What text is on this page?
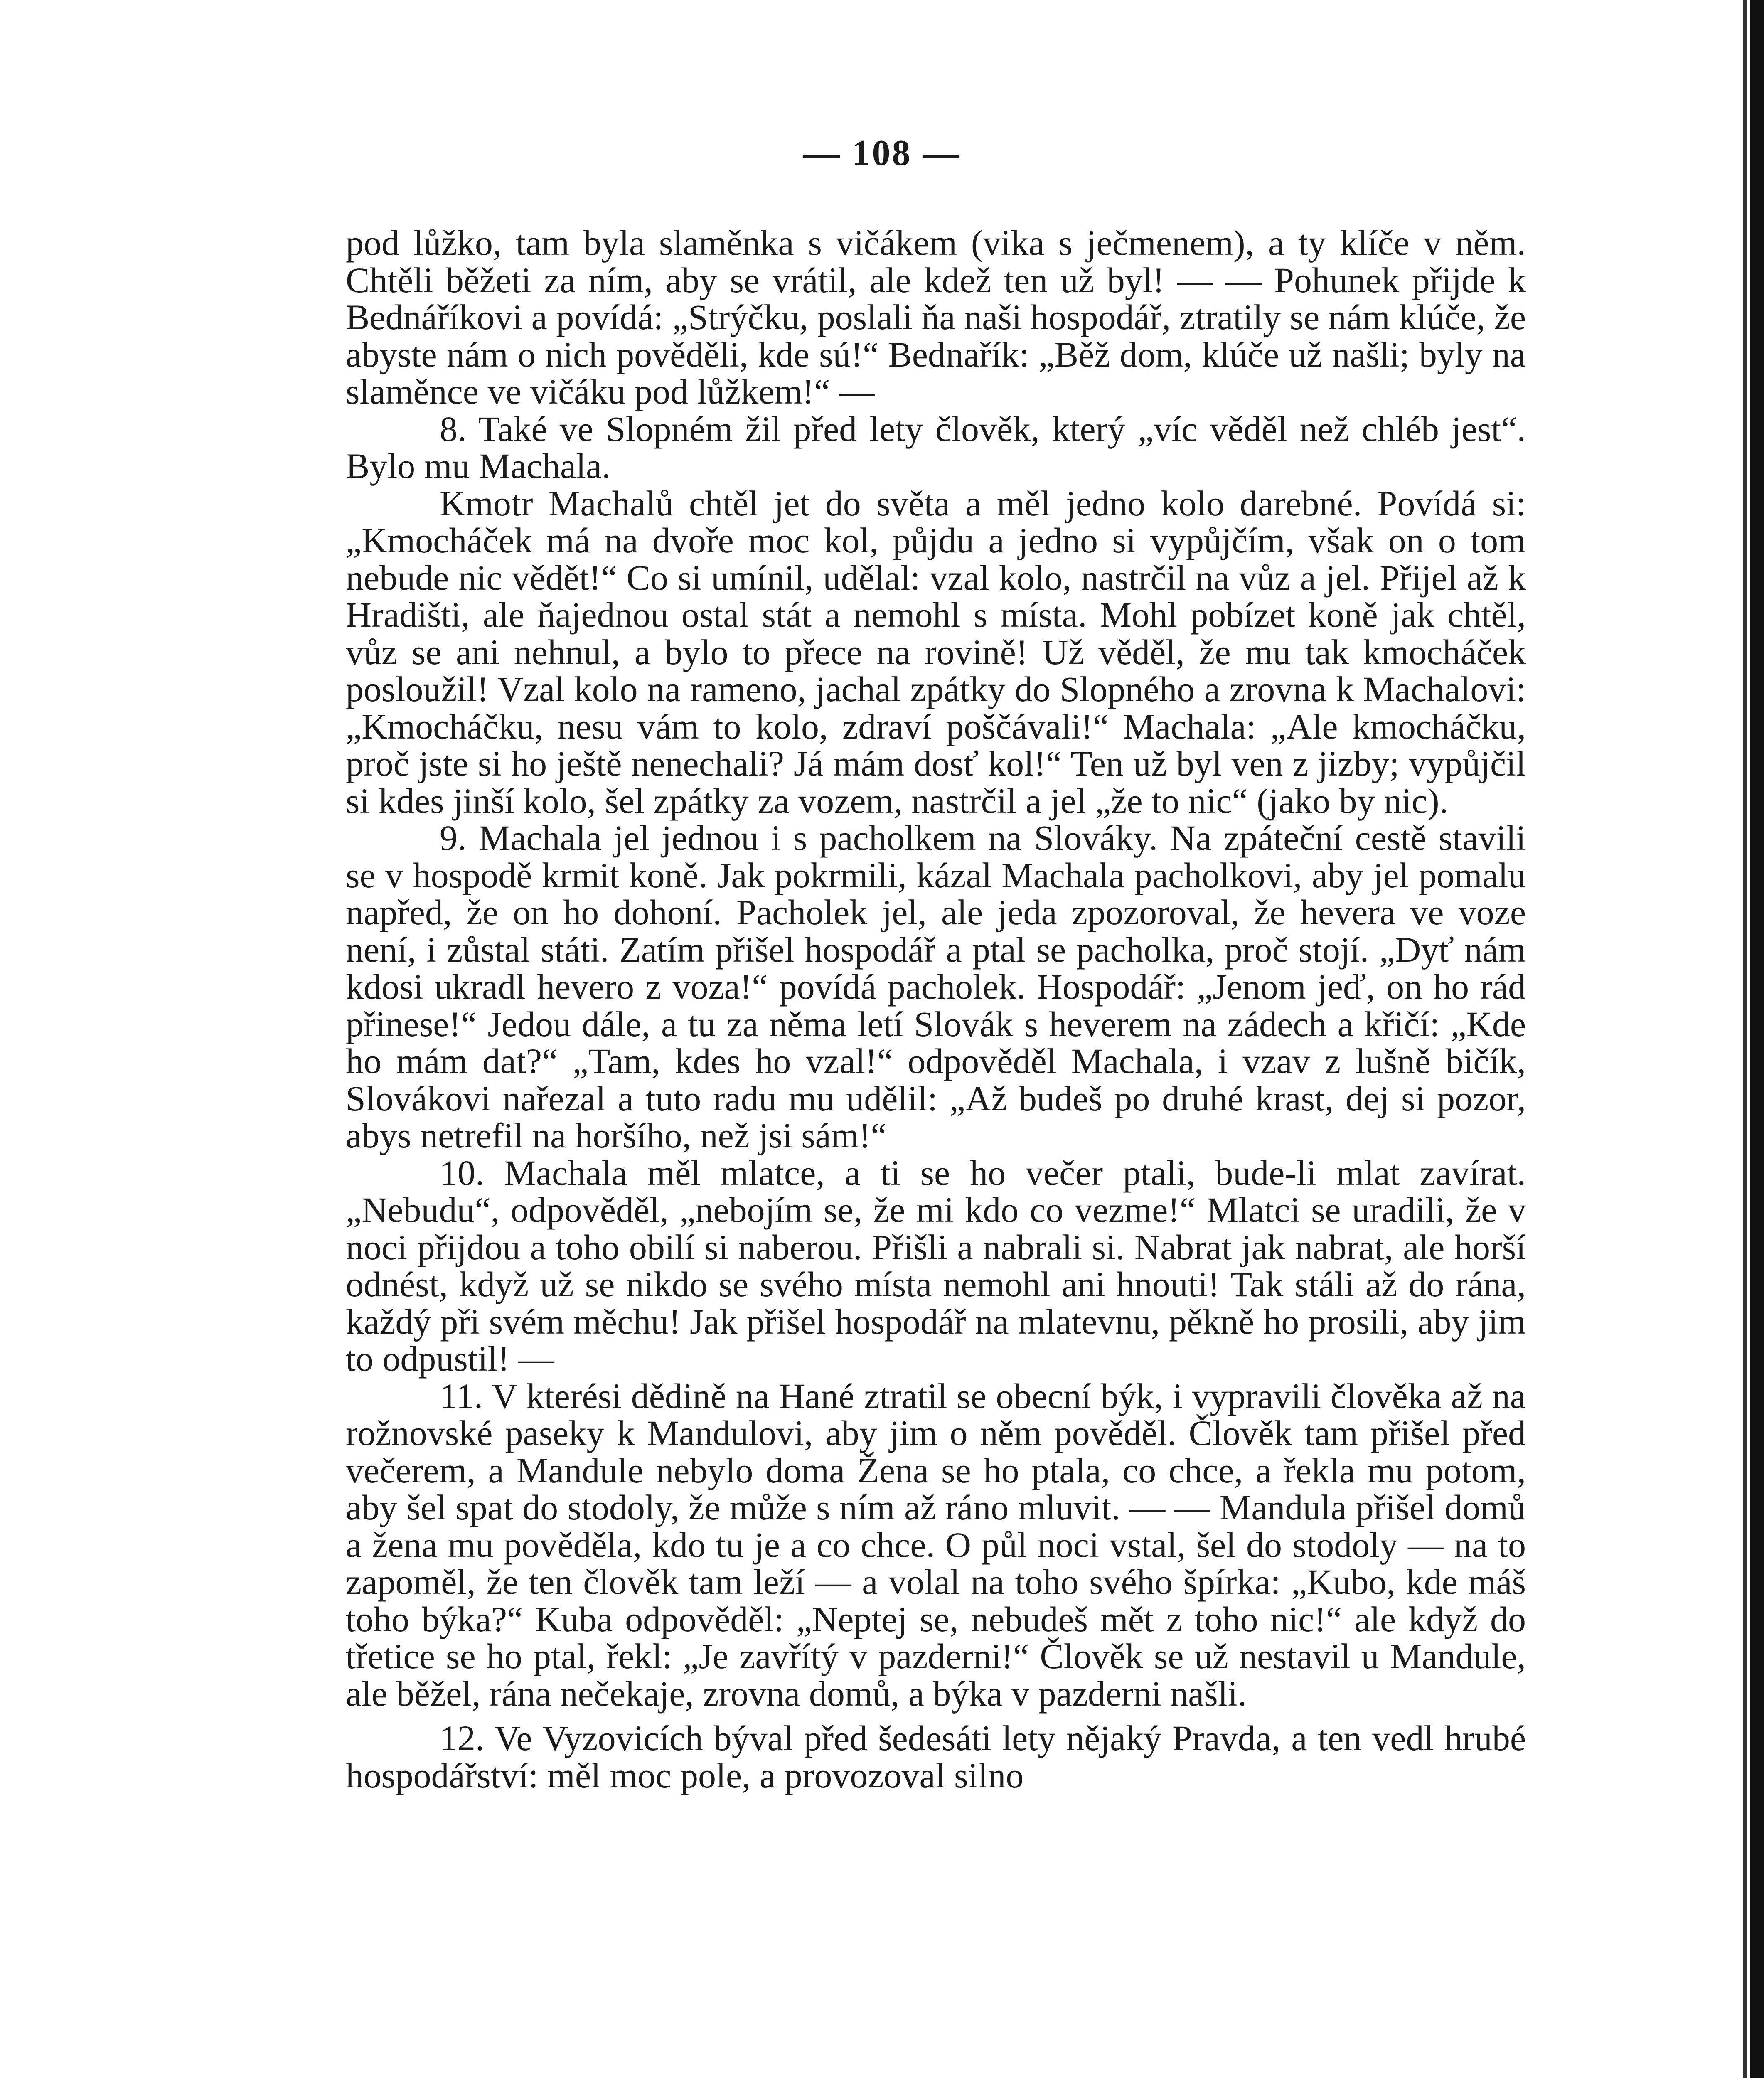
— 108 —

pod lůžko, tam byla slaměnka s vičákem (vika s ječmenem), a ty klíče v něm. Chtěli běžeti za ním, aby se vrátil, ale kdež ten už byl! — — Pohunek přijde k Bednáříkovi a povídá: „Strýčku, poslali ňa naši hospodář, ztratily se nám klúče, že abyste nám o nich pověděli, kde sú!“ Bednařík: „Běž dom, klúče už našli; byly na slaměnce ve vičáku pod lůžkem!“ —

8. Také ve Slopném žil před lety člověk, který „víc věděl než chléb jest“. Bylo mu Machala.

Kmotr Machalů chtěl jet do světa a měl jedno kolo darebné. Povídá si: „Kmocháček má na dvoře moc kol, půjdu a jedno si vypůjčím, však on o tom nebude nic vědět!“ Co si umínil, udělal: vzal kolo, nastrčil na vůz a jel. Přijel až k Hradišti, ale ňajednou ostal stát a nemohl s místa. Mohl pobízet koně jak chtěl, vůz se ani nehnul, a bylo to přece na rovině! Už věděl, že mu tak kmocháček posloužil! Vzal kolo na rameno, jachal zpátky do Slopného a zrovna k Machalovi: „Kmocháčku, nesu vám to kolo, zdraví poščávali!“ Machala: „Ale kmocháčku, proč jste si ho ještě nenechali? Já mám dosť kol!“ Ten už byl ven z jizby; vypůjčil si kdes jinší kolo, šel zpátky za vozem, nastrčil a jel „že to nic“ (jako by nic).

9. Machala jel jednou i s pacholkem na Slováky. Na zpáteční cestě stavili se v hospodě krmit koně. Jak pokrmili, kázal Machala pacholkovi, aby jel pomalu napřed, že on ho dohoní. Pacholek jel, ale jeda zpozoroval, že hevera ve voze není, i zůstal státi. Zatím přišel hospodář a ptal se pacholka, proč stojí. „Dyť nám kdosi ukradl hevero z voza!“ povídá pacholek. Hospodář: „Jenom jeď, on ho rád přinese!“ Jedou dále, a tu za něma letí Slovák s heverem na zádech a křičí: „Kde ho mám dat?“ „Tam, kdes ho vzal!“ odpověděl Machala, i vzav z lušně bičík, Slovákovi nařezal a tuto radu mu udělil: „Až budeš po druhé krast, dej si pozor, abys netrefil na horšího, než jsi sám!“

10. Machala měl mlatce, a ti se ho večer ptali, bude-li mlat zavírat. „Nebudu“, odpověděl, „nebojím se, že mi kdo co vezme!“ Mlatci se uradili, že v noci přijdou a toho obilí si naberou. Přišli a nabrali si. Nabrat jak nabrat, ale horší odnést, když už se nikdo se svého místa nemohl ani hnouti! Tak stáli až do rána, každý při svém měchu! Jak přišel hospodář na mlatevnu, pěkně ho prosili, aby jim to odpustil! —

11. V kterési dědině na Hané ztratil se obecní býk, i vypravili člověka až na rožnovské paseky k Mandulovi, aby jim o něm pověděl. Člověk tam přišel před večerem, a Mandule nebylo doma Žena se ho ptala, co chce, a řekla mu potom, aby šel spat do stodoly, že může s ním až ráno mluvit. — — Mandula přišel domů a žena mu pověděla, kdo tu je a co chce. O půl noci vstal, šel do stodoly — na to zapoměl, že ten člověk tam leží — a volal na toho svého špírka: „Kubo, kde máš toho býka?“ Kuba odpověděl: „Neptej se, nebudeš mět z toho nic!“ ale když do třetice se ho ptal, řekl: „Je zavřítý v pazderni!“ Člověk se už nestavil u Mandule, ale běžel, rána nečekaje, zrovna domů, a býka v pazderni našli.

12. Ve Vyzovicích býval před šedesáti lety nějaký Pravda, a ten vedl hrubé hospodářství: měl moc pole, a provozoval silno
